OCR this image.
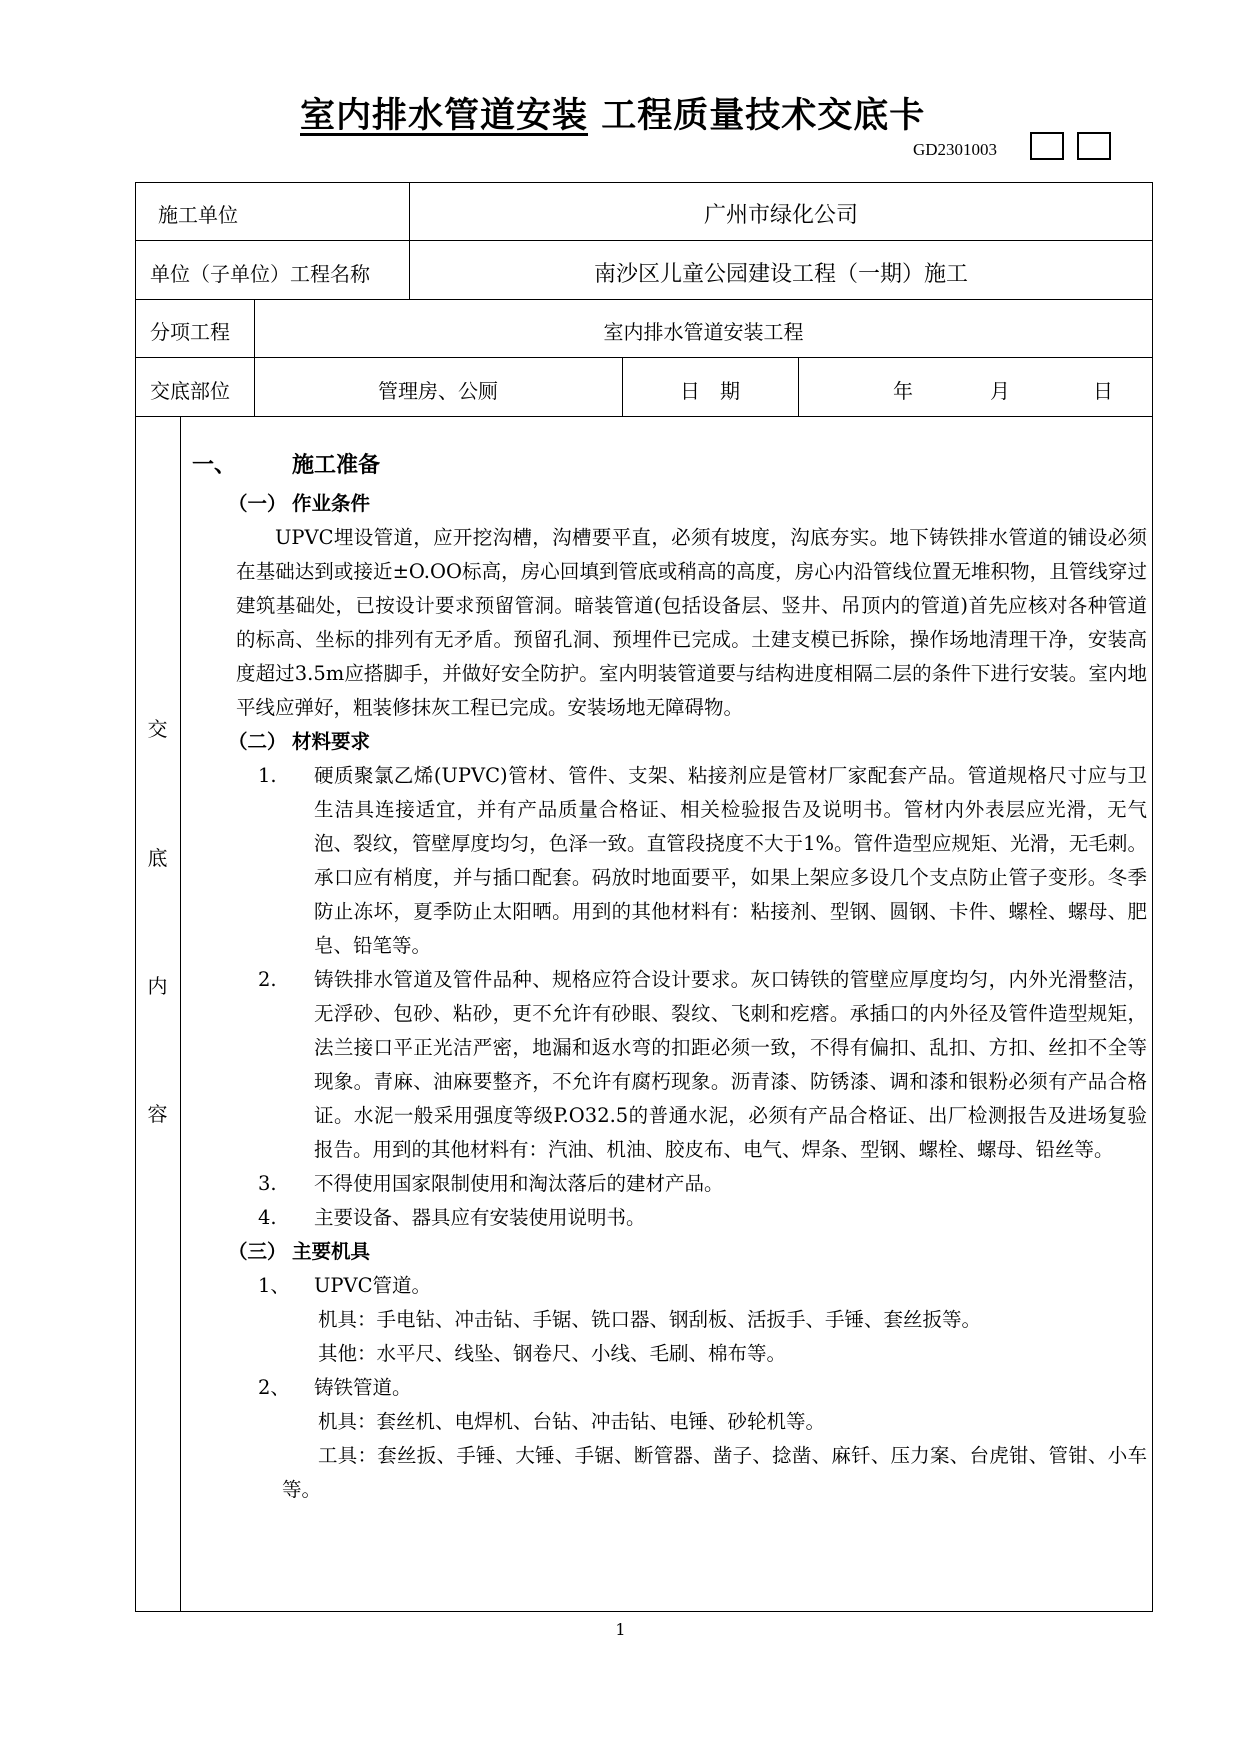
室内排水管道安装 工程质量技术交底卡
GD2301003
施工单位	广州市绿化公司
单位（子单位）工程名称	南沙区儿童公园建设工程（一期）施工
分项工程	室内排水管道安装工程
交底部位	管理房、公厕	日　期	年	月	日
交
底
内
容
一、	施工准备
（一） 作业条件
UPVC埋设管道，应开挖沟槽，沟槽要平直，必须有坡度，沟底夯实。地下铸铁排水管道的铺设必须在基础达到或接近±O.OO标高，房心回填到管底或稍高的高度，房心内沿管线位置无堆积物，且管线穿过建筑基础处，已按设计要求预留管洞。暗装管道(包括设备层、竖井、吊顶内的管道)首先应核对各种管道的标高、坐标的排列有无矛盾。预留孔洞、预埋件已完成。土建支模已拆除，操作场地清理干净，安装高度超过3.5m应搭脚手，并做好安全防护。室内明装管道要与结构进度相隔二层的条件下进行安装。室内地平线应弹好，粗装修抹灰工程已完成。安装场地无障碍物。
（二） 材料要求
1. 硬质聚氯乙烯(UPVC)管材、管件、支架、粘接剂应是管材厂家配套产品。管道规格尺寸应与卫生洁具连接适宜，并有产品质量合格证、相关检验报告及说明书。管材内外表层应光滑，无气泡、裂纹，管壁厚度均匀，色泽一致。直管段挠度不大于1%。管件造型应规矩、光滑，无毛刺。承口应有梢度，并与插口配套。码放时地面要平，如果上架应多设几个支点防止管子变形。冬季防止冻坏，夏季防止太阳晒。用到的其他材料有：粘接剂、型钢、圆钢、卡件、螺栓、螺母、肥皂、铅笔等。
2. 铸铁排水管道及管件品种、规格应符合设计要求。灰口铸铁的管壁应厚度均匀，内外光滑整洁，无浮砂、包砂、粘砂，更不允许有砂眼、裂纹、飞刺和疙瘩。承插口的内外径及管件造型规矩，法兰接口平正光洁严密，地漏和返水弯的扣距必须一致，不得有偏扣、乱扣、方扣、丝扣不全等现象。青麻、油麻要整齐，不允许有腐朽现象。沥青漆、防锈漆、调和漆和银粉必须有产品合格证。水泥一般采用强度等级P.O32.5的普通水泥，必须有产品合格证、出厂检测报告及进场复验报告。用到的其他材料有：汽油、机油、胶皮布、电气、焊条、型钢、螺栓、螺母、铅丝等。
3. 不得使用国家限制使用和淘汰落后的建材产品。
4. 主要设备、器具应有安装使用说明书。
（三） 主要机具
1、 UPVC管道。
机具：手电钻、冲击钻、手锯、铣口器、钢刮板、活扳手、手锤、套丝扳等。
其他：水平尺、线坠、钢卷尺、小线、毛刷、棉布等。
2、 铸铁管道。
机具：套丝机、电焊机、台钻、冲击钻、电锤、砂轮机等。
工具：套丝扳、手锤、大锤、手锯、断管器、凿子、捻凿、麻钎、压力案、台虎钳、管钳、小车等。
1
